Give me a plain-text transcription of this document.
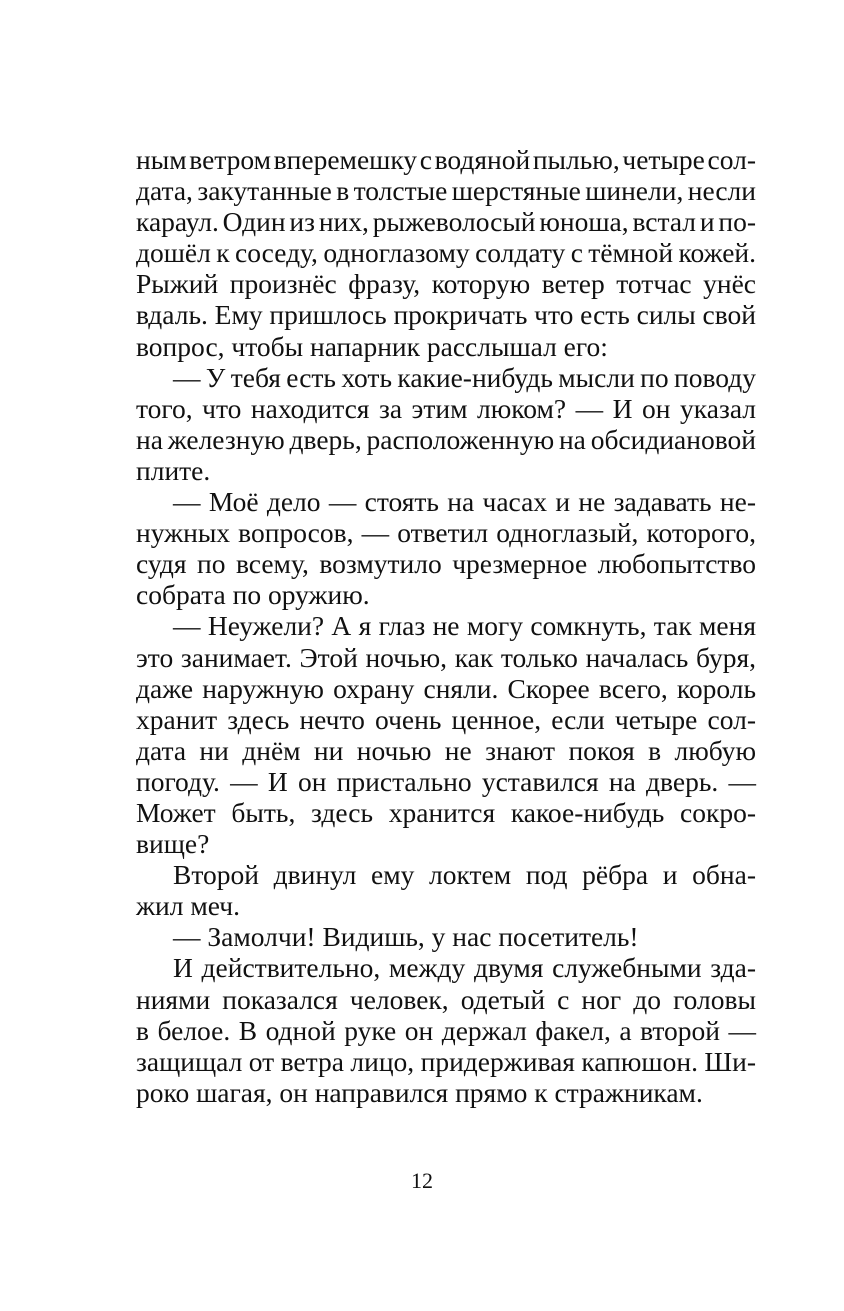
ным ветром вперемешку с водяной пылью, четыре сол-
дата, закутанные в толстые шерстяные шинели, несли
караул. Один из них, рыжеволосый юноша, встал и по-
дошёл к соседу, одноглазому солдату с тёмной кожей.
Рыжий произнёс фразу, которую ветер тотчас унёс
вдаль. Ему пришлось прокричать что есть силы свой
вопрос, чтобы напарник расслышал его:
— У тебя есть хоть какие-нибудь мысли по поводу
того, что находится за этим люком? — И он указал
на железную дверь, расположенную на обсидиановой
плите.
— Моё дело — стоять на часах и не задавать не-
нужных вопросов, — ответил одноглазый, которого,
судя по всему, возмутило чрезмерное любопытство
собрата по оружию.
— Неужели? А я глаз не могу сомкнуть, так меня
это занимает. Этой ночью, как только началась буря,
даже наружную охрану сняли. Скорее всего, король
хранит здесь нечто очень ценное, если четыре сол-
дата ни днём ни ночью не знают покоя в любую
погоду. — И он пристально уставился на дверь. —
Может быть, здесь хранится какое-нибудь сокро-
вище?
Второй двинул ему локтем под рёбра и обна-
жил меч.
— Замолчи! Видишь, у нас посетитель!
И действительно, между двумя служебными зда-
ниями показался человек, одетый с ног до головы
в белое. В одной руке он держал факел, а второй —
защищал от ветра лицо, придерживая капюшон. Ши-
роко шагая, он направился прямо к стражникам.
12
